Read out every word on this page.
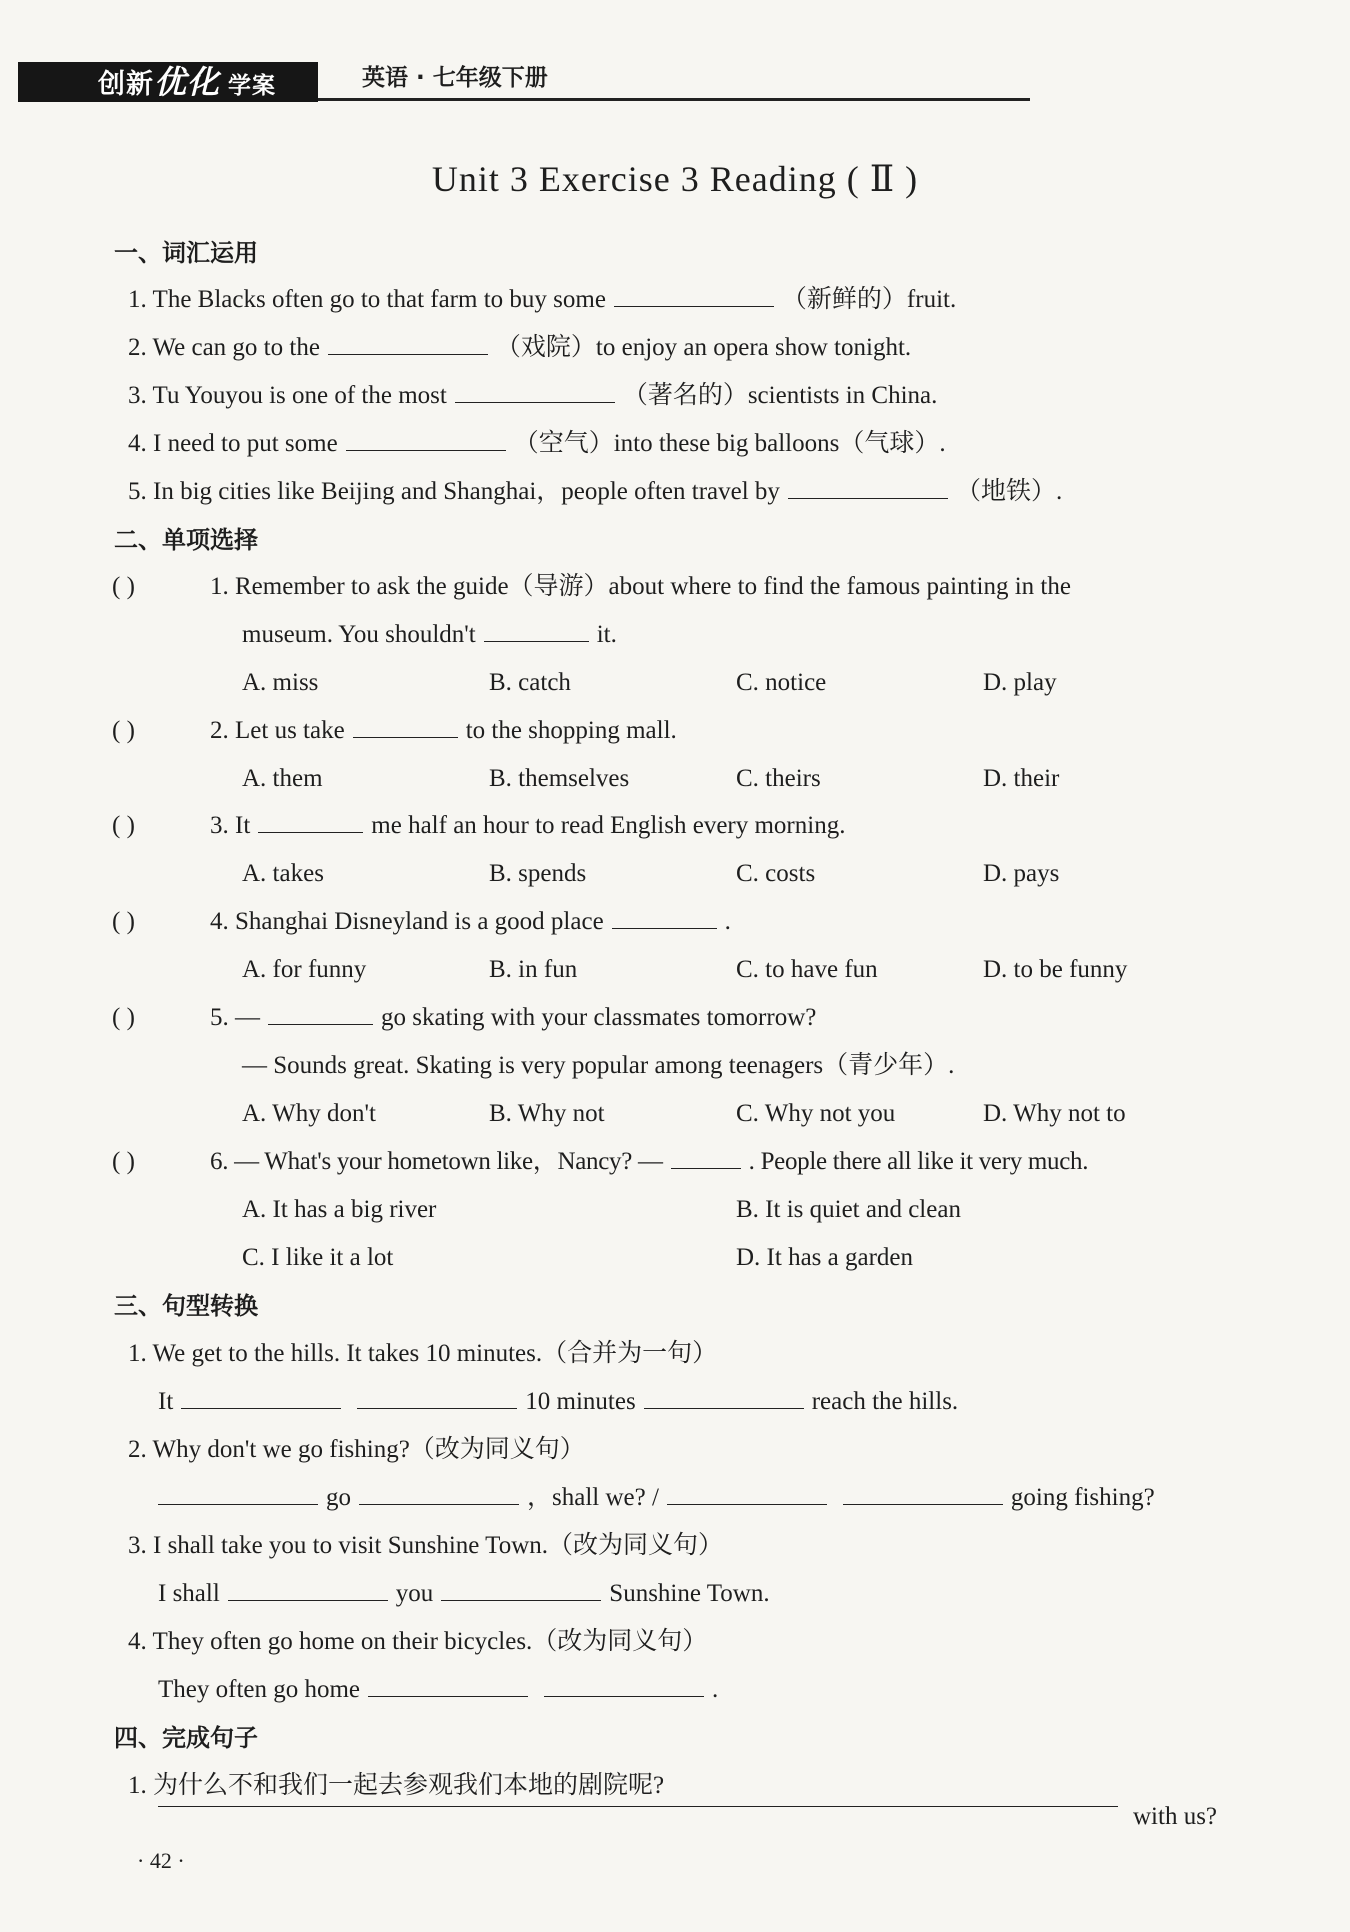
创新优化 学案	英语 · 七年级下册
Unit 3 Exercise 3 Reading ( Ⅱ )
一、词汇运用
1. The Blacks often go to that farm to buy some	（新鲜的）fruit.
2. We can go to the	（戏院）to enjoy an opera show tonight.
3. Tu Youyou is one of the most	（著名的）scientists in China.
4. I need to put some	（空气）into these big balloons（气球）.
5. In big cities like Beijing and Shanghai，people often travel by	（地铁）.
二、单项选择
( )	1. Remember to ask the guide（导游）about where to find the famous painting in the
museum. You shouldn't	it.
A. miss	B. catch	C. notice	D. play
( )	2. Let us take	to the shopping mall.
A. them	B. themselves	C. theirs	D. their
( )	3. It	me half an hour to read English every morning.
A. takes	B. spends	C. costs	D. pays
( )	4. Shanghai Disneyland is a good place	.
A. for funny	B. in fun	C. to have fun	D. to be funny
( )	5. —	go skating with your classmates tomorrow?
— Sounds great. Skating is very popular among teenagers（青少年）.
A. Why don't	B. Why not	C. Why not you	D. Why not to
( )	6. — What's your hometown like，Nancy? —	. People there all like it very much.
A. It has a big river	B. It is quiet and clean
C. I like it a lot	D. It has a garden
三、句型转换
1. We get to the hills. It takes 10 minutes.（合并为一句）
It	10 minutes	reach the hills.
2. Why don't we go fishing?（改为同义句）
go	，shall we? /	going fishing?
3. I shall take you to visit Sunshine Town.（改为同义句）
I shall	you	Sunshine Town.
4. They often go home on their bicycles.（改为同义句）
They often go home	.
四、完成句子
1. 为什么不和我们一起去参观我们本地的剧院呢?
with us?
· 42 ·
